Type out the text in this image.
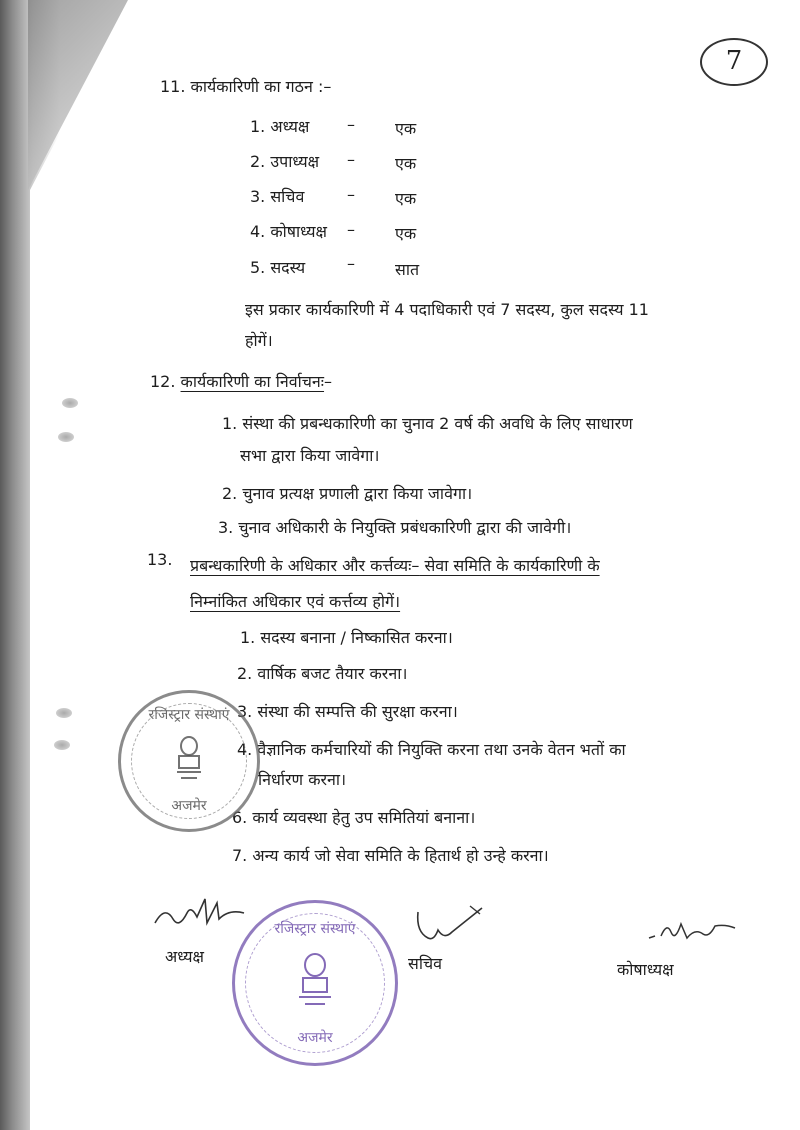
7
11. कार्यकारिणी का गठन :–
1. अध्यक्ष –	एक
2. उपाध्यक्ष –	एक
3. सचिव	–	एक
4. कोषाध्यक्ष –	एक
5. सदस्य	–	सात
इस प्रकार कार्यकारिणी में 4 पदाधिकारी एवं 7 सदस्य, कुल सदस्य 11
होगें।
12. कार्यकारिणी का निर्वाचनः–
1. संस्था की प्रबन्धकारिणी का चुनाव 2 वर्ष की अवधि के लिए साधारण
सभा द्वारा किया जावेगा।
2. चुनाव प्रत्यक्ष प्रणाली द्वारा किया जावेगा।
3. चुनाव अधिकारी के नियुक्ति प्रबंधकारिणी द्वारा की जावेगी।
13. प्रबन्धकारिणी के अधिकार और कर्त्तव्यः– सेवा समिति के कार्यकारिणी के
निम्नांकित अधिकार एवं कर्त्तव्य होगें।
1. सदस्य बनाना / निष्कासित करना।
2. वार्षिक बजट तैयार करना।
3. संस्था की सम्पत्ति की सुरक्षा करना।
4. वैज्ञानिक कर्मचारियों की नियुक्ति करना तथा उनके वेतन भतों का
निर्धारण करना।
6. कार्य व्यवस्था हेतु उप समितियां बनाना।
7. अन्य कार्य जो सेवा समिति के हितार्थ हो उन्हे करना।
रजिस्ट्रार संस्थाएं
अजमेर
अध्यक्ष	सचिव	कोषाध्यक्ष
रजिस्ट्रार संस्थाएं
अजमेर
